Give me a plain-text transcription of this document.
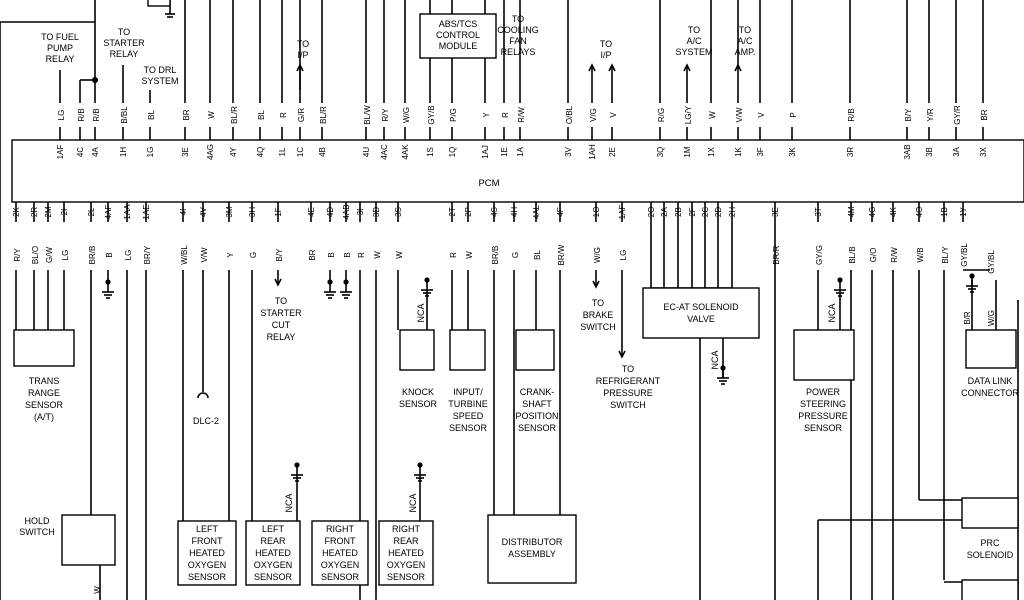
PCM
1AF
LG
4C
R/B
4A
R/B
1H
B/BL
1G
BL
3E
BR
4AG
W
4Y
BL/R
4Q
BL
1L
R
1C
G/R
4B
BL/R
4U
BL/W
4AC
R/Y
4AK
W/G
1S
GY/B
1Q
P/G
1AJ
Y
1E
R
1A
R/W
3V
O/BL
1AH
V/G
2E
V
3Q
R/G
1M
LG/Y
1X
W
1K
V/W
3F
V
3K
P
3R
R/B
3AB
B/Y
3B
Y/R
3A
GY/R
3X
BR
2K
R/Y
2R
BL/O
2M
G/W
2I
LG
2L
BR/B
4AF
B
1AA
LG
1AE
BR/Y
4I
W/BL
4V
V/W
3M
Y
3H
G
1F
B/Y
4E
BR
4D
B
4AB
B
3I
R
3D
W
3S
W
2T
R
2P
W
4S
BR/B
4H
G
4AL
BL
4F
BR/W
1O
W/G
1AF
LG
2O 2A 2B 2F 2C 2D 2H	3E
BR/R
3T
GY/G
4M
BL/B
4G
G/O
4K
R/W
4O
W/B
1B
BL/Y
1Y
GY/BL
W
NCA	NCA
NCA
NCA
NCA	B/R W/G
GY/BL
TO FUEL
PUMP
RELAY
TO
STARTER
RELAY
TO DRL
SYSTEM
TO
I/P
ABS/TCS
CONTROL
MODULE
TO
COOLING
FAN
RELAYS
TO
I/P
TO
A/C
SYSTEM
TO
A/C
AMP.
TRANS
RANGE
SENSOR
(A/T)
HOLD
SWITCH
DLC-2
TO
STARTER
CUT
RELAY
LEFT
FRONT
HEATED
OXYGEN
SENSOR
LEFT
REAR
HEATED
OXYGEN
SENSOR
RIGHT
FRONT
HEATED
OXYGEN
SENSOR
RIGHT
REAR
HEATED
OXYGEN
SENSOR
KNOCK
SENSOR
INPUT/
TURBINE
SPEED
SENSOR
CRANK-
SHAFT
POSITION
SENSOR
DISTRIBUTOR
ASSEMBLY
TO
BRAKE
SWITCH
TO
REFRIGERANT
PRESSURE
SWITCH
EC-AT SOLENOID
VALVE
POWER
STEERING
PRESSURE
SENSOR
DATA LINK
CONNECTOR
PRC
SOLENOID
